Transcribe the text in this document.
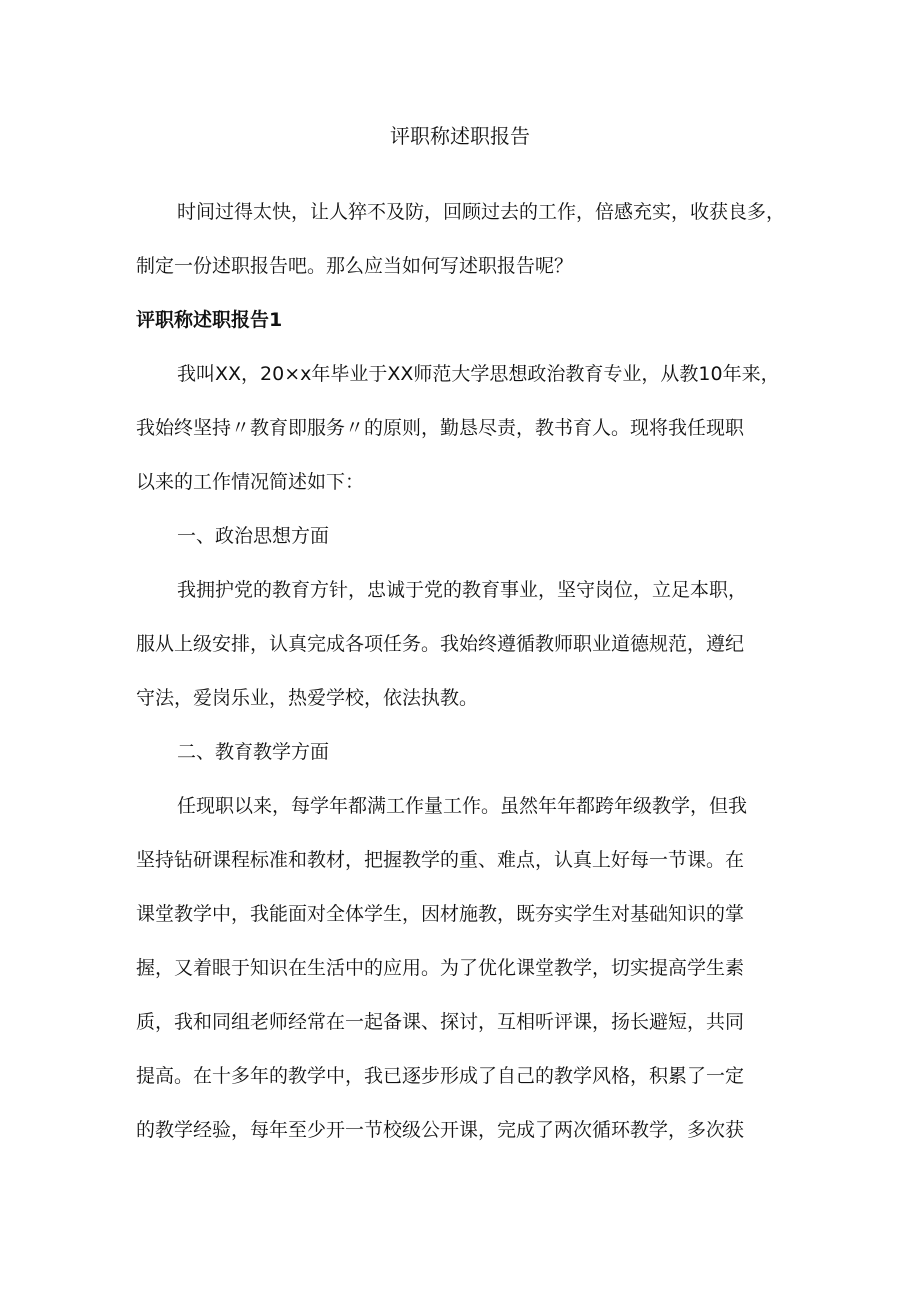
评职称述职报告
时间过得太快，让人猝不及防，回顾过去的工作，倍感充实，收获良多，
制定一份述职报告吧。那么应当如何写述职报告呢？
评职称述职报告1
我叫XX，20×x年毕业于XX师范大学思想政治教育专业，从教10年来，
我始终坚持〃教育即服务〃的原则，勤恳尽责，教书育人。现将我任现职
以来的工作情况简述如下：
一、政治思想方面
我拥护党的教育方针，忠诚于党的教育事业，坚守岗位，立足本职，
服从上级安排，认真完成各项任务。我始终遵循教师职业道德规范，遵纪
守法，爱岗乐业，热爱学校，依法执教。
二、教育教学方面
任现职以来，每学年都满工作量工作。虽然年年都跨年级教学，但我
坚持钻研课程标准和教材，把握教学的重、难点，认真上好每一节课。在
课堂教学中，我能面对全体学生，因材施教，既夯实学生对基础知识的掌
握，又着眼于知识在生活中的应用。为了优化课堂教学，切实提高学生素
质，我和同组老师经常在一起备课、探讨，互相听评课，扬长避短，共同
提高。在十多年的教学中，我已逐步形成了自己的教学风格，积累了一定
的教学经验，每年至少开一节校级公开课，完成了两次循环教学，多次获
